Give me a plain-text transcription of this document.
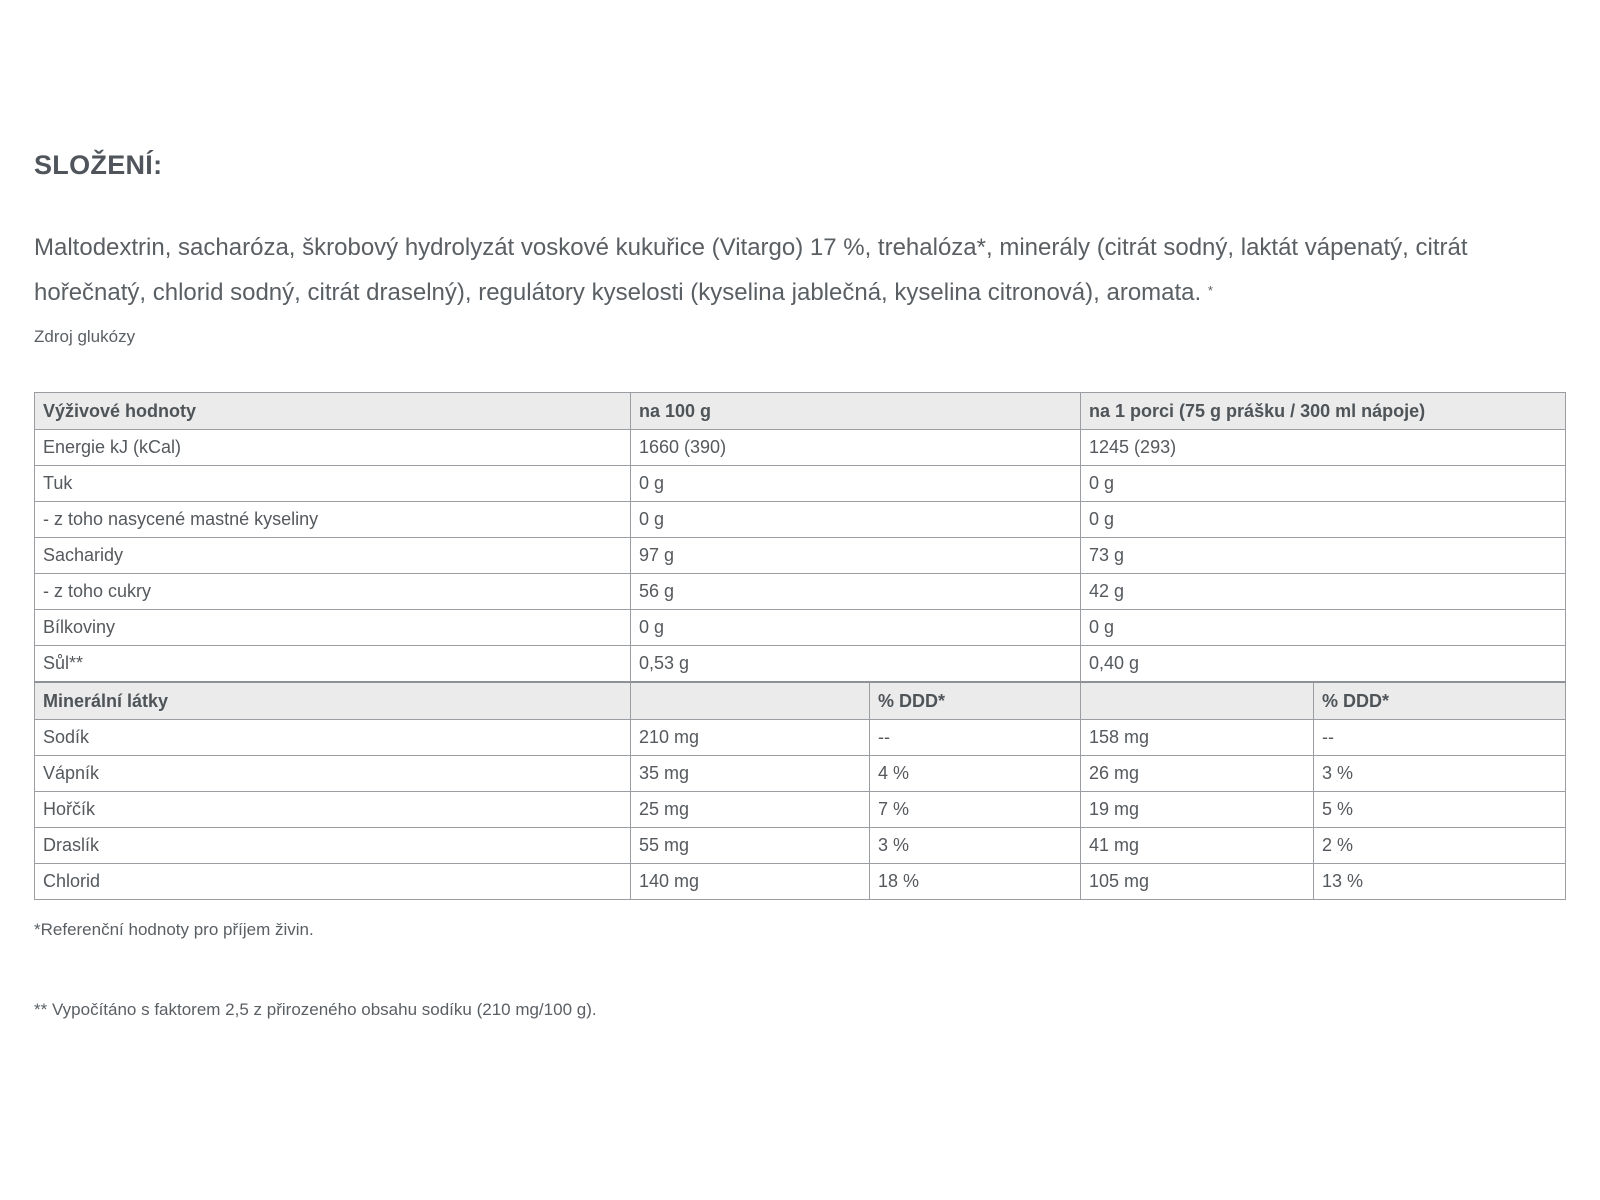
SLOŽENÍ:
Maltodextrin, sacharóza, škrobový hydrolyzát voskové kukuřice (Vitargo) 17 %, trehalóza*, minerály (citrát sodný, laktát vápenatý, citrát hořečnatý, chlorid sodný, citrát draselný), regulátory kyselosti (kyselina jablečná, kyselina citronová), aromata. *
Zdroj glukózy
Výživové hodnoty	na 100 g		na 1 porci (75 g prášku / 300 ml nápoje)	
Energie kJ (kCal)	1660 (390)		1245 (293)	
Tuk	0 g		0 g	
- z toho nasycené mastné kyseliny	0 g		0 g	
Sacharidy	97 g		73 g	
- z toho cukry	56 g		42 g	
Bílkoviny	0 g		0 g	
Sůl**	0,53 g		0,40 g	
Minerální látky		% DDD*		% DDD*
Sodík	210 mg	--	158 mg	--
Vápník	35 mg	4 %	26 mg	3 %
Hořčík	25 mg	7 %	19 mg	5 %
Draslík	55 mg	3 %	41 mg	2 %
Chlorid	140 mg	18 %	105 mg	13 %
*Referenční hodnoty pro příjem živin.
** Vypočítáno s faktorem 2,5 z přirozeného obsahu sodíku (210 mg/100 g).
